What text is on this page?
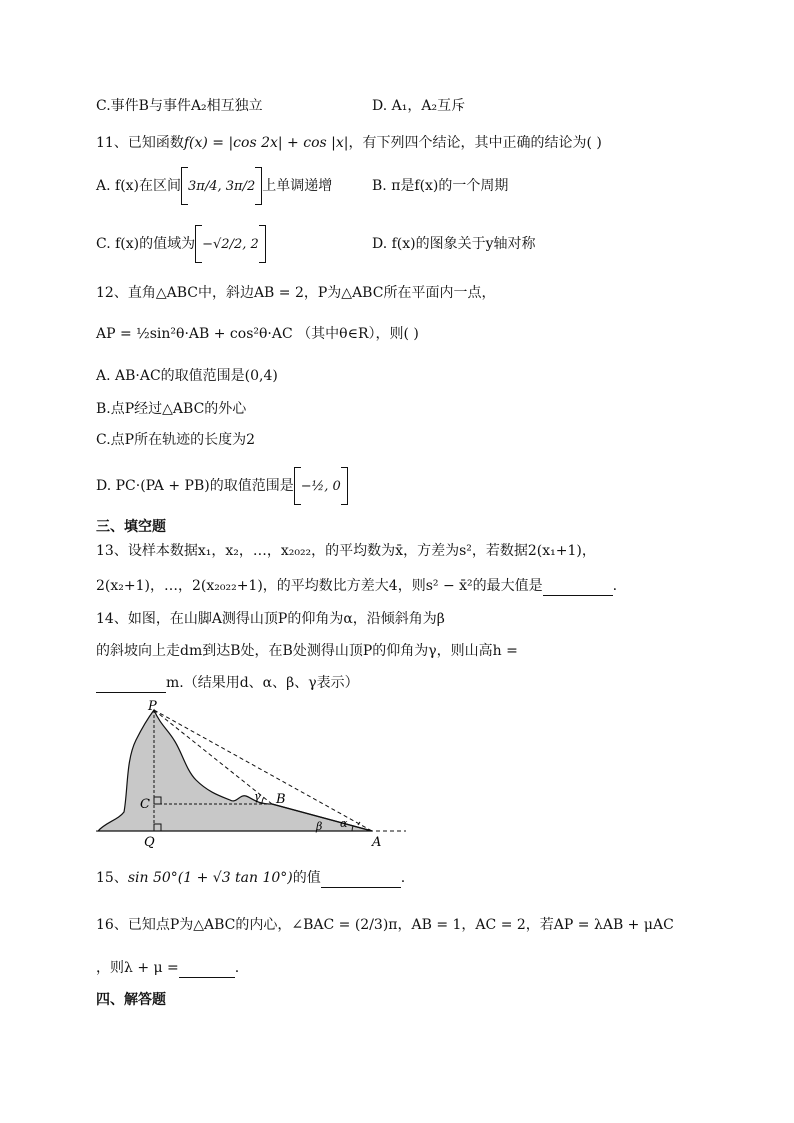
C.事件B与事件A₂相互独立	D. A₁，A₂互斥
11、已知函数f(x) = |cos 2x| + cos |x|，有下列四个结论，其中正确的结论为( )
A. f(x)在区间 3π/4, 3π/2 上单调递增	B. π是f(x)的一个周期
C. f(x)的值域为 −√2/2, 2	D. f(x)的图象关于y轴对称
12、直角△ABC中，斜边AB = 2，P为△ABC所在平面内一点，
AP = ½sin²θ·AB + cos²θ·AC （其中θ∈R），则( )
A. AB·AC的取值范围是(0,4)
B.点P经过△ABC的外心
C.点P所在轨迹的长度为2
D. PC·(PA + PB)的取值范围是 −½, 0
三、填空题
13、设样本数据x₁，x₂，…，x₂₀₂₂，的平均数为x̄，方差为s²，若数据2(x₁+1)，
2(x₂+1)，…，2(x₂₀₂₂+1)，的平均数比方差大4，则s² − x̄²的最大值是	.
14、如图，在山脚A测得山顶P的仰角为α，沿倾斜角为β
的斜坡向上走dm到达B处，在B处测得山顶P的仰角为γ，则山高h =
m.（结果用d、α、β、γ表示）
P
B
C
Q	A
α
β
γ
15、sin 50°(1 + √3 tan 10°)的值	.
16、已知点P为△ABC的内心，∠BAC = (2/3)π，AB = 1，AC = 2，若AP = λAB + μAC
，则λ + μ =	.
四、解答题
